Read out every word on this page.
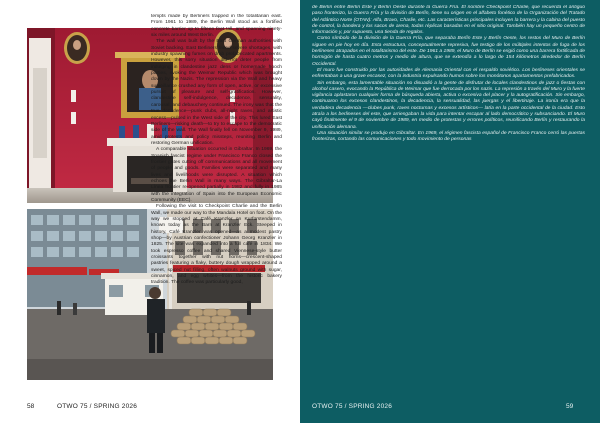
tempts made by Berliners trapped in the totalitarian east. From 1961 to 1989, the Berlin Wall stood as a fortified concrete barrier up to fifteen feet tall, and spanning ninety-six miles around West Berlin.

The wall was built by the East German authorities with Soviet backing. East Berliners faced severe shortages, with industry spawning fumes on drab prefabricated apartments. However, this sorry situation did not deter people from indulging in clandestine jazz dens or homemade hooch parties, evoking the Weimar Republic which was brought down by the Nazis. The repression via the Wall and heavy surveillance crushed any form of open, active, or excessive pursuit of pleasure and self-gratification. However, clandestine self-indulgence, decadence, sensuality, carousal, and debauchery continued. The irony was that the true decadence—punk clubs, all-night raves, and artistic excess—pulsed in the West side of the city. This lured East Berliners—risking death—to try to escape to the democratic side of the wall. The Wall finally fell on November 9, 1989, amid protests and policy missteps, reuniting Berlin and restoring German unification.

A comparable situation occurred in Gibraltar. In 1969, the Spanish fascist regime under Francisco Franco closed the frontier gates cutting off communications and all movement of people and goods. Families were separated and many lives and livelihoods were disrupted. A situation which echoes the Berlin Wall in many ways. The Gibraltar-La Línea frontier re-opened partially in 1982 and fully in 1985 with the integration of Spain into the European Economic Community (EEC).

Following the visit to Checkpoint Charlie and the Berlin Wall, we made our way to the Mandala Hotel on foot. On the way we stopped at Café Kranzler on Kurfürstendamm, known today as the Barn at Kranzler Eck. Steeped in history, Café Kranzler was opened—as a modest pastry shop—by Austrian confectioner Johann Georg Kranzler in 1825. The site was expanded into a full café in 1834. We took espresso coffee and shared Viennese-style butter croissants together with nut horns—crescent-shaped pastries featuring a flaky, buttery dough wrapped around a sweet, spiced nut filling, often walnuts ground with sugar, cinnamon, and egg whites—from the historic bakery tradition. The coffee was particularly good,

58	OTWO 75 / SPRING 2026

de Berlín entre Berlín Este y Berlín Oeste durante la Guerra Fría. El nombre Checkpoint Charlie, que recuerda el antiguo paso fronterizo, la Guerra Fría y la división de Berlín, tiene su origen en el alfabeto fonético de la Organización del Tratado del Atlántico Norte (OTAN): Alfa, Bravo, Charlie, etc. Las características principales incluyen la barrera y la cabina del puesto de control, la bandera y los sacos de arena, todas réplicas basadas en el sitio original. También hay un pequeño centro de información y, por supuesto, una tienda de regalos.

Como símbolo de la división de la Guerra Fría, que separaba Berlín Este y Berlín Oeste, los restos del Muro de Berlín siguen en pie hoy en día. Esta estructura, conceptualmente represiva, fue testigo de los múltiples intentos de fuga de los berlineses atrapados en el totalitarismo del este. De 1961 a 1989, el Muro de Berlín se erigió como una barrera fortificada de hormigón de hasta cuatro metros y medio de altura, que se extendía a lo largo de 154 kilómetros alrededor de Berlín Occidental.

El muro fue construido por las autoridades de Alemania Oriental con el respaldo soviético. Los berlineses orientales se enfrentaban a una grave escasez, con la industria expulsando humos sobre los monótonos apartamentos prefabricados.

Sin embargo, esta lamentable situación no disuadió a la gente de disfrutar de locales clandestinos de jazz o fiestas con alcohol casero, evocando la República de Weimar que fue derrocada por los nazis. La represión a través del Muro y la fuerte vigilancia aplastaron cualquier forma de búsqueda abierta, activa o excesiva del placer y la autogratificación. Sin embargo, continuaron los excesos clandestinos, la decadencia, la sensualidad, las juergas y el libertinaje. La ironía era que la verdadera decadencia —clubes punk, raves nocturnas y excesos artísticos— latía en la parte occidental de la ciudad. Esto atraía a los berlineses del este, que arriesgaban la vida para intentar escapar al lado democrático y subsanciando. El Muro cayó finalmente el 9 de noviembre de 1989, en medio de protestas y errores políticos, reunificando Berlín y restaurando la unificación alemana.

Una situación similar se produjo en Gibraltar. En 1969, el régimen fascista español de Francisco Franco cerró las puertas fronterizas, cortando las comunicaciones y todo movimiento de personas

OTWO 75 / SPRING 2026	59
